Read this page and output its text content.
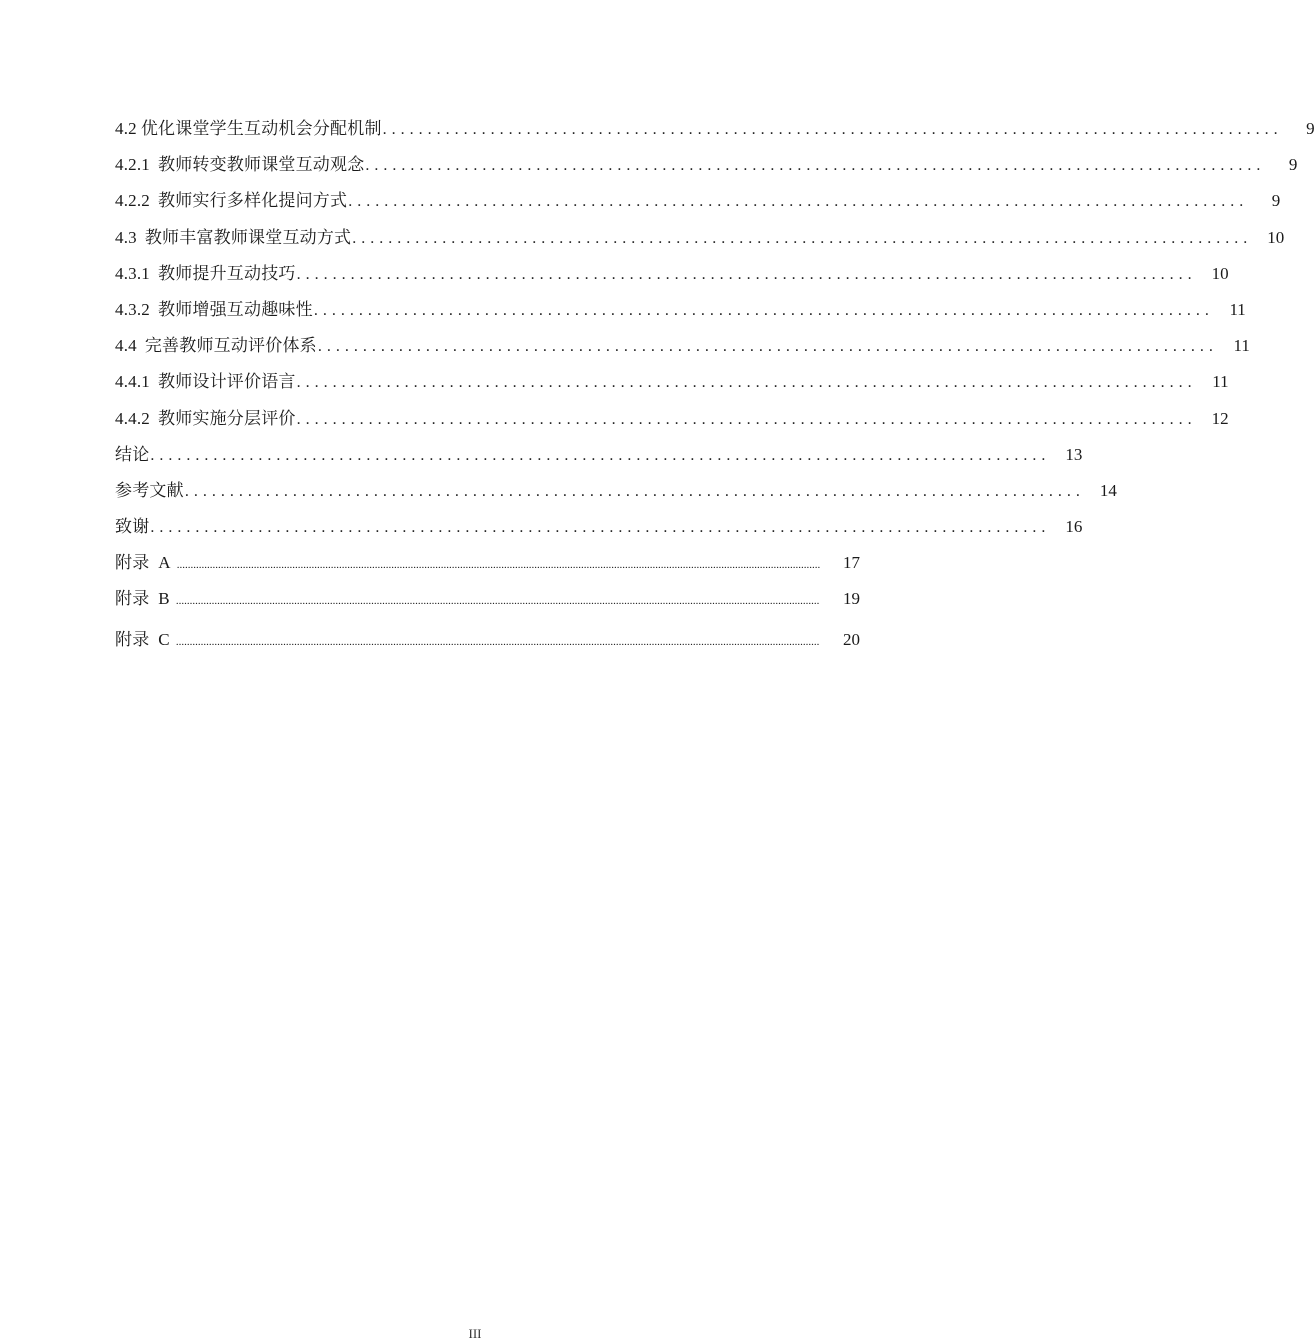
4.2 优化课堂学生互动机会分配机制 ....................................................................................................	9
4.2.1 教师转变教师课堂互动观念 ....................................................................................................	9
4.2.2 教师实行多样化提问方式 ....................................................................................................	9
4.3 教师丰富教师课堂互动方式 .................................................................................................... 10
4.3.1 教师提升互动技巧 .................................................................................................... 10
4.3.2 教师增强互动趣味性 .................................................................................................... 11
4.4 完善教师互动评价体系 .................................................................................................... 11
4.4.1 教师设计评价语言 .................................................................................................... 11
4.4.2 教师实施分层评价 .................................................................................................... 12
结论 .................................................................................................... 13
参考文献 .................................................................................................... 14
致谢 .................................................................................................... 16
附录  A ..........................................................................................................................................................................................................................................	17
附录  B ..........................................................................................................................................................................................................................................	19
附录  C ..........................................................................................................................................................................................................................................	20
III
